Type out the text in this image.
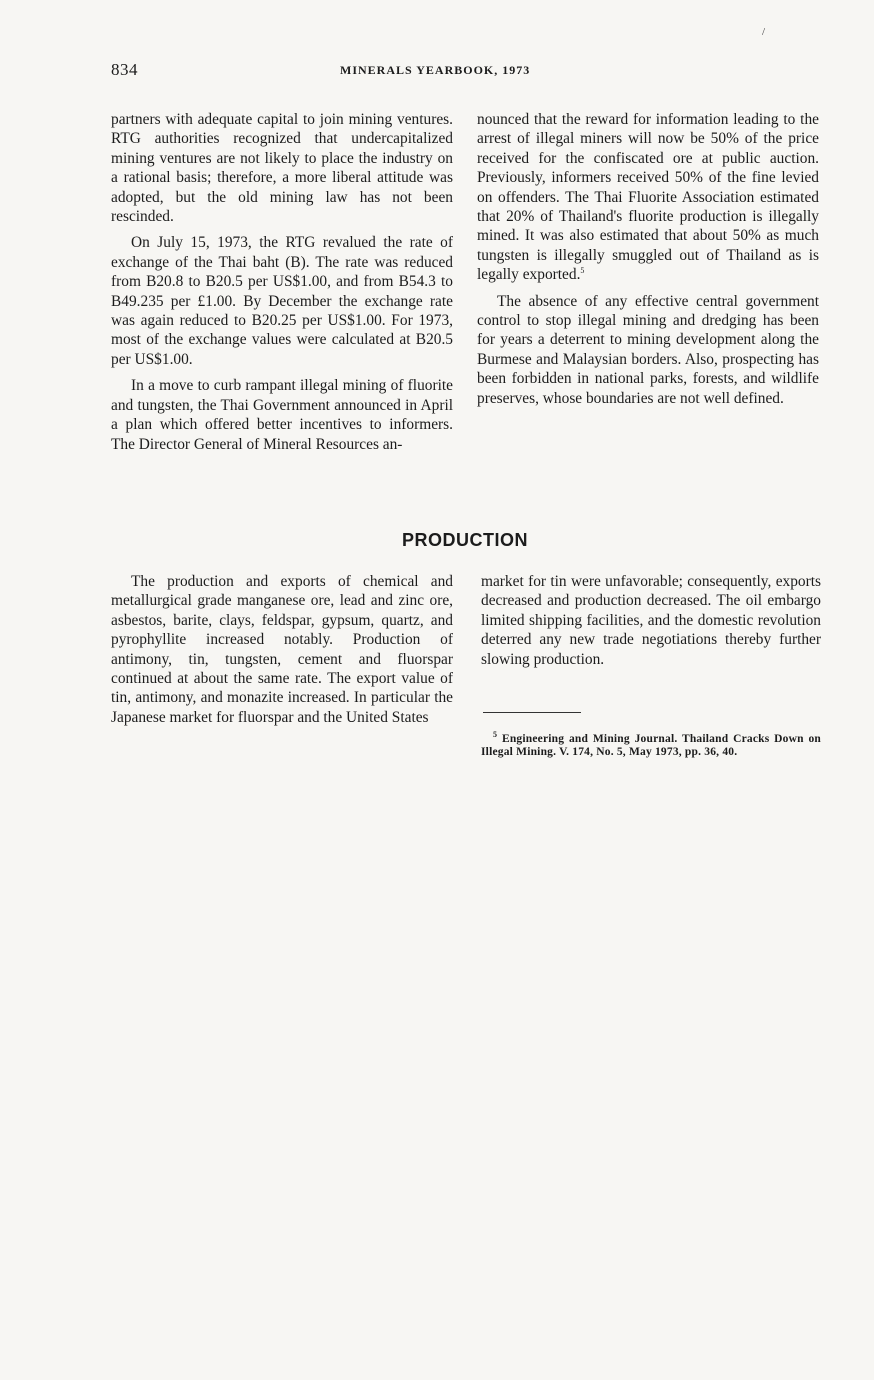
834	MINERALS YEARBOOK, 1973
/

partners with adequate capital to join mining ventures. RTG authorities recognized that undercapitalized mining ventures are not likely to place the industry on a rational basis; therefore, a more liberal attitude was adopted, but the old mining law has not been rescinded.

On July 15, 1973, the RTG revalued the rate of exchange of the Thai baht (B). The rate was reduced from B20.8 to B20.5 per US$1.00, and from B54.3 to B49.235 per £1.00. By December the exchange rate was again reduced to B20.25 per US$1.00. For 1973, most of the exchange values were calculated at B20.5 per US$1.00.

In a move to curb rampant illegal mining of fluorite and tungsten, the Thai Government announced in April a plan which offered better incentives to informers. The Director General of Mineral Resources an-

nounced that the reward for information leading to the arrest of illegal miners will now be 50% of the price received for the confiscated ore at public auction. Previously, informers received 50% of the fine levied on offenders. The Thai Fluorite Association estimated that 20% of Thailand's fluorite production is illegally mined. It was also estimated that about 50% as much tungsten is illegally smuggled out of Thailand as is legally exported.$^5$

The absence of any effective central government control to stop illegal mining and dredging has been for years a deterrent to mining development along the Burmese and Malaysian borders. Also, prospecting has been forbidden in national parks, forests, and wildlife preserves, whose boundaries are not well defined.

PRODUCTION

The production and exports of chemical and metallurgical grade manganese ore, lead and zinc ore, asbestos, barite, clays, feldspar, gypsum, quartz, and pyrophyllite increased notably. Production of antimony, tin, tungsten, cement and fluorspar continued at about the same rate. The export value of tin, antimony, and monazite increased. In particular the Japanese market for fluorspar and the United States

market for tin were unfavorable; consequently, exports decreased and production decreased. The oil embargo limited shipping facilities, and the domestic revolution deterred any new trade negotiations thereby further slowing production.

$^5$ Engineering and Mining Journal. Thailand Cracks Down on Illegal Mining. V. 174, No. 5, May 1973, pp. 36, 40.
